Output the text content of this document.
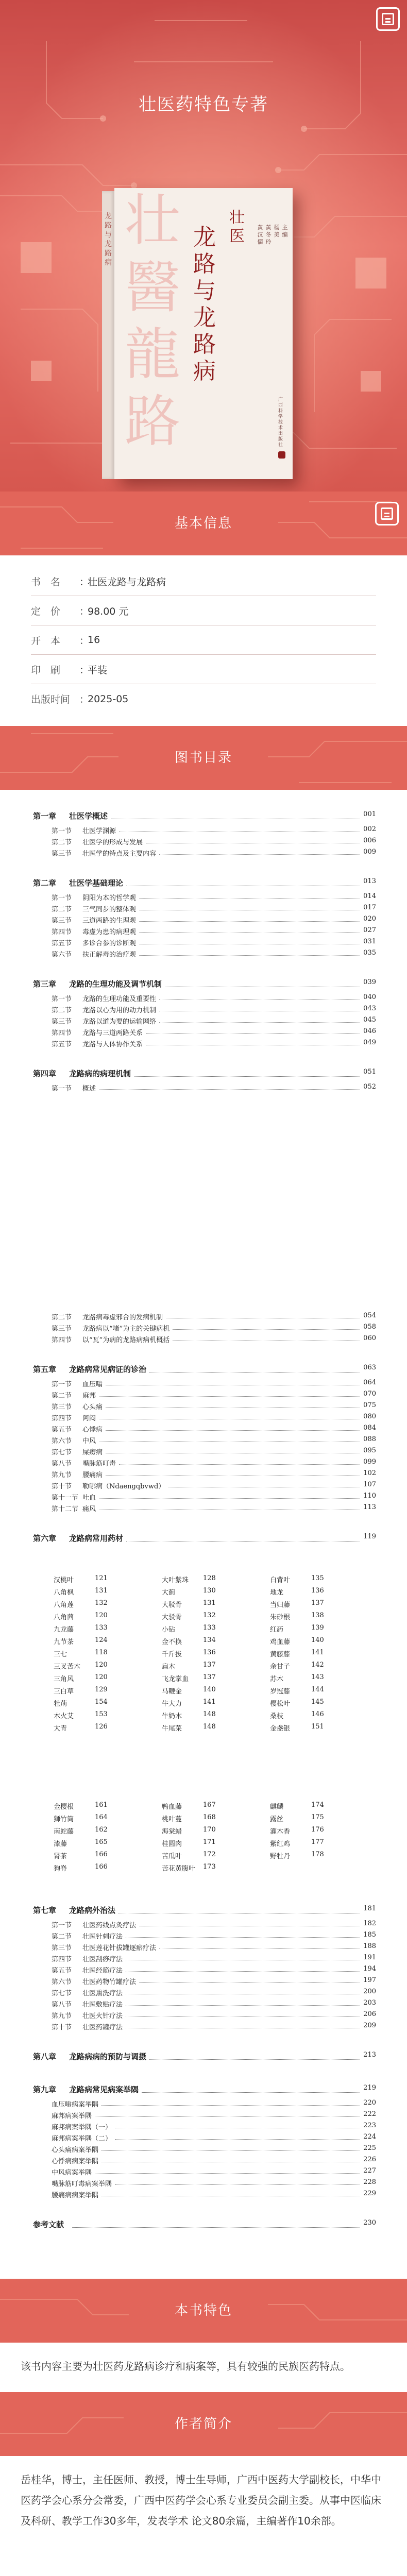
壮医药特色专著
龙路与龙路病
壮
醫
龍
路
龙路与龙路病
壮医	黄汉儒黄冬玲杨 美主编
广西科学技术出版社
基本信息
书　名	：
壮医龙路与龙路病
定　价	：
98.00 元
开　本	：
16
印　刷	：
平装
出版时间 ：
2025-05
图书目录
第一章 壮医学概述	001
第一节 壮医学渊源	002
第二节 壮医学的形成与发展	006
第三节 壮医学的特点及主要内容	009
第二章 壮医学基础理论	013
第一节 阴阳为本的哲学观	014
第二节 三气同步的整体观	017
第三节 三道两路的生理观	020
第四节 毒虚为患的病理观	027
第五节 多诊合参的诊断观	031
第六节 扶正解毒的治疗观	035
第三章 龙路的生理功能及调节机制	039
第一节 龙路的生理功能及重要性	040
第二节 龙路以心为用的动力机制	043
第三节 龙路以道为要的运输网络	045
第四节 龙路与三道两路关系	046
第五节 龙路与人体协作关系	049
第四章 龙路病的病理机制	051
第一节 概述	052
第二节 龙路病毒虚邪合的发病机制	054
第三节 龙路病以“堵”为主的关键病机	058
第四节 以“瓦”为病的龙路病病机概括	060
第五章 龙路病常见病证的诊治	063
第一节 血压嗡	064
第二节 麻邦	070
第三节 心头痛	075
第四节 阿闷	080
第五节 心悸病	084
第六节 中风	088
第七节 屎痨病	095
第八节 嘴脉筋叮毒	099
第九节 腰痛病	102
第十节 勒哪病（Ndaengqbvwd）	107
第十一节 吐血	110
第十二节 痛风	113
第六章 龙路病常用药材	119
汉桃叶	121	大叶紫珠 128	白背叶	135
八角枫	131	大蓟	130	地龙	136
八角莲	132	大驳骨	131	当归藤	137
八角茴	120	大驳骨	132	朱砂根	138
九龙藤	133	小钻	133	红药	139
九节茶	124	金不换	134	鸡血藤	140
三七	118	千斤拔	136	黄藤藤	141
三叉苦木 120	扁木	137	余甘子	142
三角风	120	飞龙掌血 137	苏木	143
三白草	129	马鞭金	140	岁冠藤	144
牡荊	154	牛大力	141	樱松叶	145
木火艾	153	牛奶木	148	桑枝	146
大青	126	牛尾菜	148	金盏银	151
金樱根	161	鸭血藤	167	麒麟	174
狮竹筒	164	桃叶蔓	168	露丝	175
南蛇藤	162	海棠蜡	170	灌木香	176
漆藤	165	桂圆肉	171	紫红鸡	177
肾茶	166	苦瓜叶	172	野牡丹	178
狗脊	166	苦花黄腹叶 173
第七章 龙路病外治法	181
第一节 壮医药线点灸疗法	182
第二节 壮医针刺疗法	185
第三节 壮医莲花针拔罐逐瘀疗法	188
第四节 壮医刮痧疗法	191
第五节 壮医经筋疗法	194
第六节 壮医药物竹罐疗法	197
第七节 壮医熏洗疗法	200
第八节 壮医敷贴疗法	203
第九节 壮医火针疗法	206
第十节 壮医药罐疗法	209
第八章 龙路病病的预防与调摄	213
第九章 龙路病常见病案举隅	219
血压嗡病案举隅	220
麻邦病案举隅	222
麻邦病案举隅（一）	223
麻邦病案举隅（二）	224
心头痛病案举隅	225
心悸病病案举隅	226
中风病案举隅	227
嘴脉筋叮毒病案举隅	228
腰痛病病案举隅	229
参考文献	230
本书特色
该书内容主要为壮医药龙路病诊疗和病案等，具有较强的民族医药特点。
作者简介
岳桂华，博士，主任医师、教授，博士生导师，广西中医药大学副校长，中华中医药学会心系分会常委，广西中医药学会心系专业委员会副主委。从事中医临床及科研、教学工作30多年，发表学术 论文80余篇，主编著作10余部。
